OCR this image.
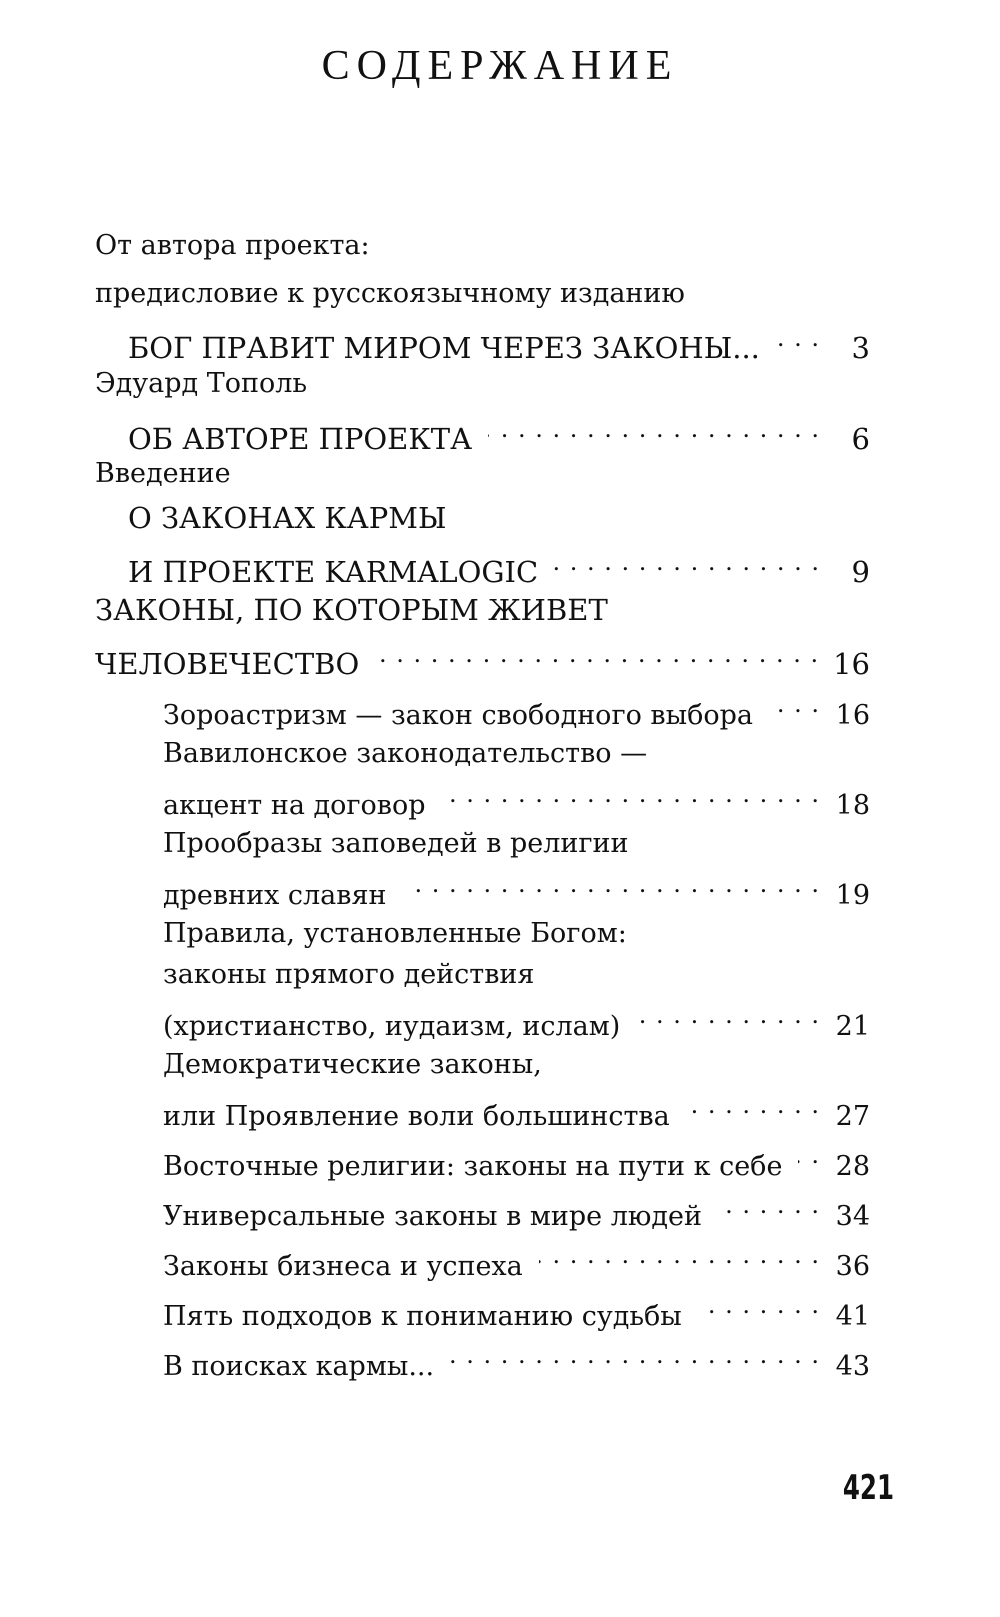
СОДЕРЖАНИЕ
От автора проекта:
предисловие к русскоязычному изданию
БОГ ПРАВИТ МИРОМ ЧЕРЕЗ ЗАКОНЫ... . . .	3
Эдуард Тополь
ОБ АВТОРЕ ПРОЕКТА . . .	6
Введение
О ЗАКОНАХ КАРМЫ
И ПРОЕКТЕ KARMALOGIC . . .	9
ЗАКОНЫ, ПО КОТОРЫМ ЖИВЕТ
ЧЕЛОВЕЧЕСТВО . . .	16
Зороастризм — закон свободного выбора . . .	16
Вавилонское законодательство —
акцент на договор . . .	18
Прообразы заповедей в религии
древних славян . . .	19
Правила, установленные Богом:
законы прямого действия
(христианство, иудаизм, ислам) . . .	21
Демократические законы,
или Проявление воли большинства . . .	27
Восточные религии: законы на пути к себе . . . 28
Универсальные законы в мире людей . . .	34
Законы бизнеса и успеха . . .	36
Пять подходов к пониманию судьбы . . .	41
В поисках кармы... . . .	43
421
